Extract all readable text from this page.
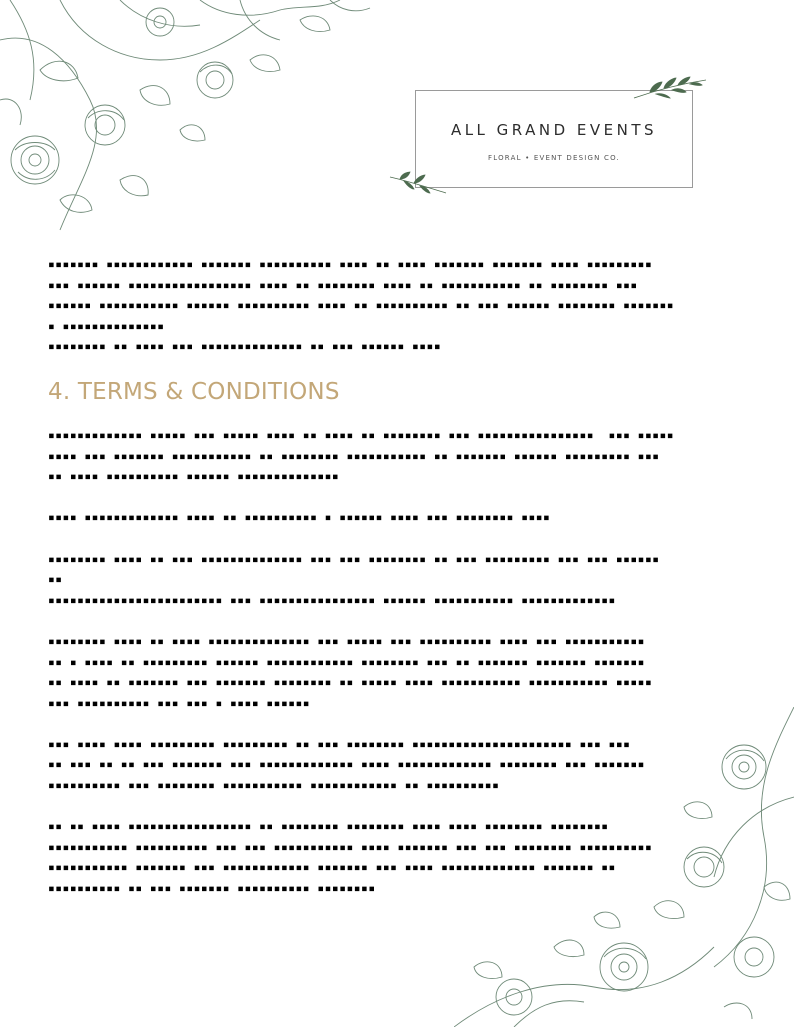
ALL GRAND EVENTS
FLORAL • EVENT DESIGN CO.

▪▪▪▪▪▪▪ ▪▪▪▪▪▪▪▪▪▪▪▪ ▪▪▪▪▪▪▪ ▪▪▪▪▪▪▪▪▪▪ ▪▪▪▪ ▪▪ ▪▪▪▪ ▪▪▪▪▪▪▪ ▪▪▪▪▪▪▪ ▪▪▪▪ ▪▪▪▪▪▪▪▪▪
▪▪▪ ▪▪▪▪▪▪ ▪▪▪▪▪▪▪▪▪▪▪▪▪▪▪▪▪ ▪▪▪▪ ▪▪ ▪▪▪▪▪▪▪▪ ▪▪▪▪ ▪▪ ▪▪▪▪▪▪▪▪▪▪▪ ▪▪ ▪▪▪▪▪▪▪▪ ▪▪▪
▪▪▪▪▪▪ ▪▪▪▪▪▪▪▪▪▪▪ ▪▪▪▪▪▪ ▪▪▪▪▪▪▪▪▪▪ ▪▪▪▪ ▪▪ ▪▪▪▪▪▪▪▪▪▪ ▪▪ ▪▪▪ ▪▪▪▪▪▪ ▪▪▪▪▪▪▪▪ ▪▪▪▪▪▪▪
▪ ▪▪▪▪▪▪▪▪▪▪▪▪▪▪

▪▪▪▪▪▪▪▪ ▪▪ ▪▪▪▪ ▪▪▪ ▪▪▪▪▪▪▪▪▪▪▪▪▪▪ ▪▪ ▪▪▪ ▪▪▪▪▪▪ ▪▪▪▪

4. TERMS & CONDITIONS

▪▪▪▪▪▪▪▪▪▪▪▪▪ ▪▪▪▪▪ ▪▪▪ ▪▪▪▪▪ ▪▪▪▪ ▪▪ ▪▪▪▪ ▪▪ ▪▪▪▪▪▪▪▪ ▪▪▪ ▪▪▪▪▪▪▪▪▪▪▪▪▪▪▪▪  ▪▪▪ ▪▪▪▪▪
▪▪▪▪ ▪▪▪ ▪▪▪▪▪▪▪ ▪▪▪▪▪▪▪▪▪▪▪ ▪▪ ▪▪▪▪▪▪▪▪ ▪▪▪▪▪▪▪▪▪▪▪ ▪▪ ▪▪▪▪▪▪▪ ▪▪▪▪▪▪ ▪▪▪▪▪▪▪▪▪ ▪▪▪
▪▪ ▪▪▪▪ ▪▪▪▪▪▪▪▪▪▪ ▪▪▪▪▪▪ ▪▪▪▪▪▪▪▪▪▪▪▪▪▪

▪▪▪▪ ▪▪▪▪▪▪▪▪▪▪▪▪▪ ▪▪▪▪ ▪▪ ▪▪▪▪▪▪▪▪▪▪ ▪ ▪▪▪▪▪▪ ▪▪▪▪ ▪▪▪ ▪▪▪▪▪▪▪▪ ▪▪▪▪

▪▪▪▪▪▪▪▪ ▪▪▪▪ ▪▪ ▪▪▪ ▪▪▪▪▪▪▪▪▪▪▪▪▪▪ ▪▪▪ ▪▪▪ ▪▪▪▪▪▪▪▪ ▪▪ ▪▪▪ ▪▪▪▪▪▪▪▪▪ ▪▪▪ ▪▪▪ ▪▪▪▪▪▪
▪▪
▪▪▪▪▪▪▪▪▪▪▪▪▪▪▪▪▪▪▪▪▪▪▪▪ ▪▪▪ ▪▪▪▪▪▪▪▪▪▪▪▪▪▪▪▪ ▪▪▪▪▪▪ ▪▪▪▪▪▪▪▪▪▪▪ ▪▪▪▪▪▪▪▪▪▪▪▪▪

▪▪▪▪▪▪▪▪ ▪▪▪▪ ▪▪ ▪▪▪▪ ▪▪▪▪▪▪▪▪▪▪▪▪▪▪ ▪▪▪ ▪▪▪▪▪ ▪▪▪ ▪▪▪▪▪▪▪▪▪▪ ▪▪▪▪ ▪▪▪ ▪▪▪▪▪▪▪▪▪▪▪
▪▪ ▪ ▪▪▪▪ ▪▪ ▪▪▪▪▪▪▪▪▪ ▪▪▪▪▪▪ ▪▪▪▪▪▪▪▪▪▪▪▪ ▪▪▪▪▪▪▪▪ ▪▪▪ ▪▪ ▪▪▪▪▪▪▪ ▪▪▪▪▪▪▪ ▪▪▪▪▪▪▪
▪▪ ▪▪▪▪ ▪▪ ▪▪▪▪▪▪▪ ▪▪▪ ▪▪▪▪▪▪▪ ▪▪▪▪▪▪▪▪ ▪▪ ▪▪▪▪▪ ▪▪▪▪ ▪▪▪▪▪▪▪▪▪▪▪ ▪▪▪▪▪▪▪▪▪▪▪ ▪▪▪▪▪
▪▪▪ ▪▪▪▪▪▪▪▪▪▪ ▪▪▪ ▪▪▪ ▪ ▪▪▪▪ ▪▪▪▪▪▪

▪▪▪ ▪▪▪▪ ▪▪▪▪ ▪▪▪▪▪▪▪▪▪ ▪▪▪▪▪▪▪▪▪ ▪▪ ▪▪▪ ▪▪▪▪▪▪▪▪ ▪▪▪▪▪▪▪▪▪▪▪▪▪▪▪▪▪▪▪▪▪▪ ▪▪▪ ▪▪▪
▪▪ ▪▪▪ ▪▪ ▪▪ ▪▪▪ ▪▪▪▪▪▪▪ ▪▪▪ ▪▪▪▪▪▪▪▪▪▪▪▪▪ ▪▪▪▪ ▪▪▪▪▪▪▪▪▪▪▪▪▪ ▪▪▪▪▪▪▪▪ ▪▪▪ ▪▪▪▪▪▪▪
▪▪▪▪▪▪▪▪▪▪ ▪▪▪ ▪▪▪▪▪▪▪▪ ▪▪▪▪▪▪▪▪▪▪▪ ▪▪▪▪▪▪▪▪▪▪▪▪ ▪▪ ▪▪▪▪▪▪▪▪▪▪

▪▪ ▪▪ ▪▪▪▪ ▪▪▪▪▪▪▪▪▪▪▪▪▪▪▪▪▪ ▪▪ ▪▪▪▪▪▪▪▪ ▪▪▪▪▪▪▪▪ ▪▪▪▪ ▪▪▪▪ ▪▪▪▪▪▪▪▪ ▪▪▪▪▪▪▪▪
▪▪▪▪▪▪▪▪▪▪▪ ▪▪▪▪▪▪▪▪▪▪ ▪▪▪ ▪▪▪ ▪▪▪▪▪▪▪▪▪▪▪ ▪▪▪▪ ▪▪▪▪▪▪▪ ▪▪▪ ▪▪▪ ▪▪▪▪▪▪▪▪ ▪▪▪▪▪▪▪▪▪▪
▪▪▪▪▪▪▪▪▪▪▪ ▪▪▪▪▪▪▪ ▪▪▪ ▪▪▪▪▪▪▪▪▪▪▪▪ ▪▪▪▪▪▪▪ ▪▪▪ ▪▪▪▪ ▪▪▪▪▪▪▪▪▪▪▪▪▪ ▪▪▪▪▪▪▪ ▪▪
▪▪▪▪▪▪▪▪▪▪ ▪▪ ▪▪▪ ▪▪▪▪▪▪▪ ▪▪▪▪▪▪▪▪▪▪ ▪▪▪▪▪▪▪▪
